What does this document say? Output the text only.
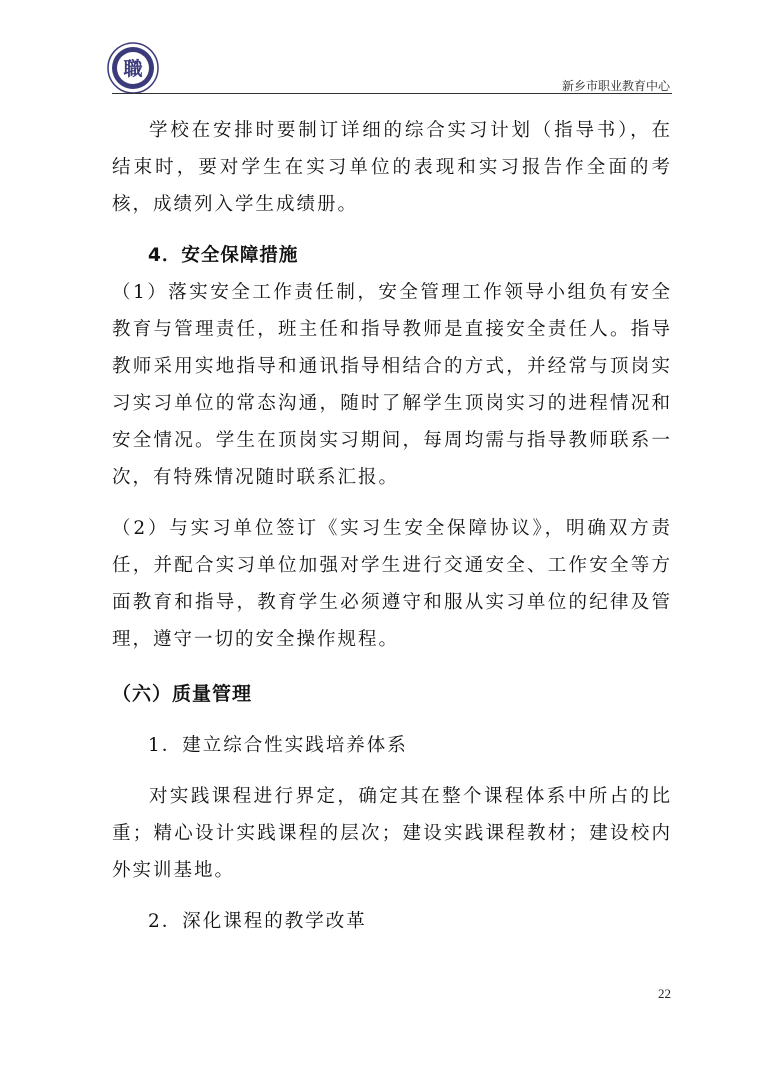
職
新乡市职业教育中心

学校在安排时要制订详细的综合实习计划（指导书），在结束时，要对学生在实习单位的表现和实习报告作全面的考核，成绩列入学生成绩册。

4．安全保障措施

（1）落实安全工作责任制，安全管理工作领导小组负有安全教育与管理责任，班主任和指导教师是直接安全责任人。指导教师采用实地指导和通讯指导相结合的方式，并经常与顶岗实习实习单位的常态沟通，随时了解学生顶岗实习的进程情况和安全情况。学生在顶岗实习期间，每周均需与指导教师联系一次，有特殊情况随时联系汇报。

（2）与实习单位签订《实习生安全保障协议》，明确双方责任，并配合实习单位加强对学生进行交通安全、工作安全等方面教育和指导，教育学生必须遵守和服从实习单位的纪律及管理，遵守一切的安全操作规程。

（六）质量管理

1．建立综合性实践培养体系

对实践课程进行界定，确定其在整个课程体系中所占的比重；精心设计实践课程的层次；建设实践课程教材；建设校内外实训基地。

2．深化课程的教学改革

22
